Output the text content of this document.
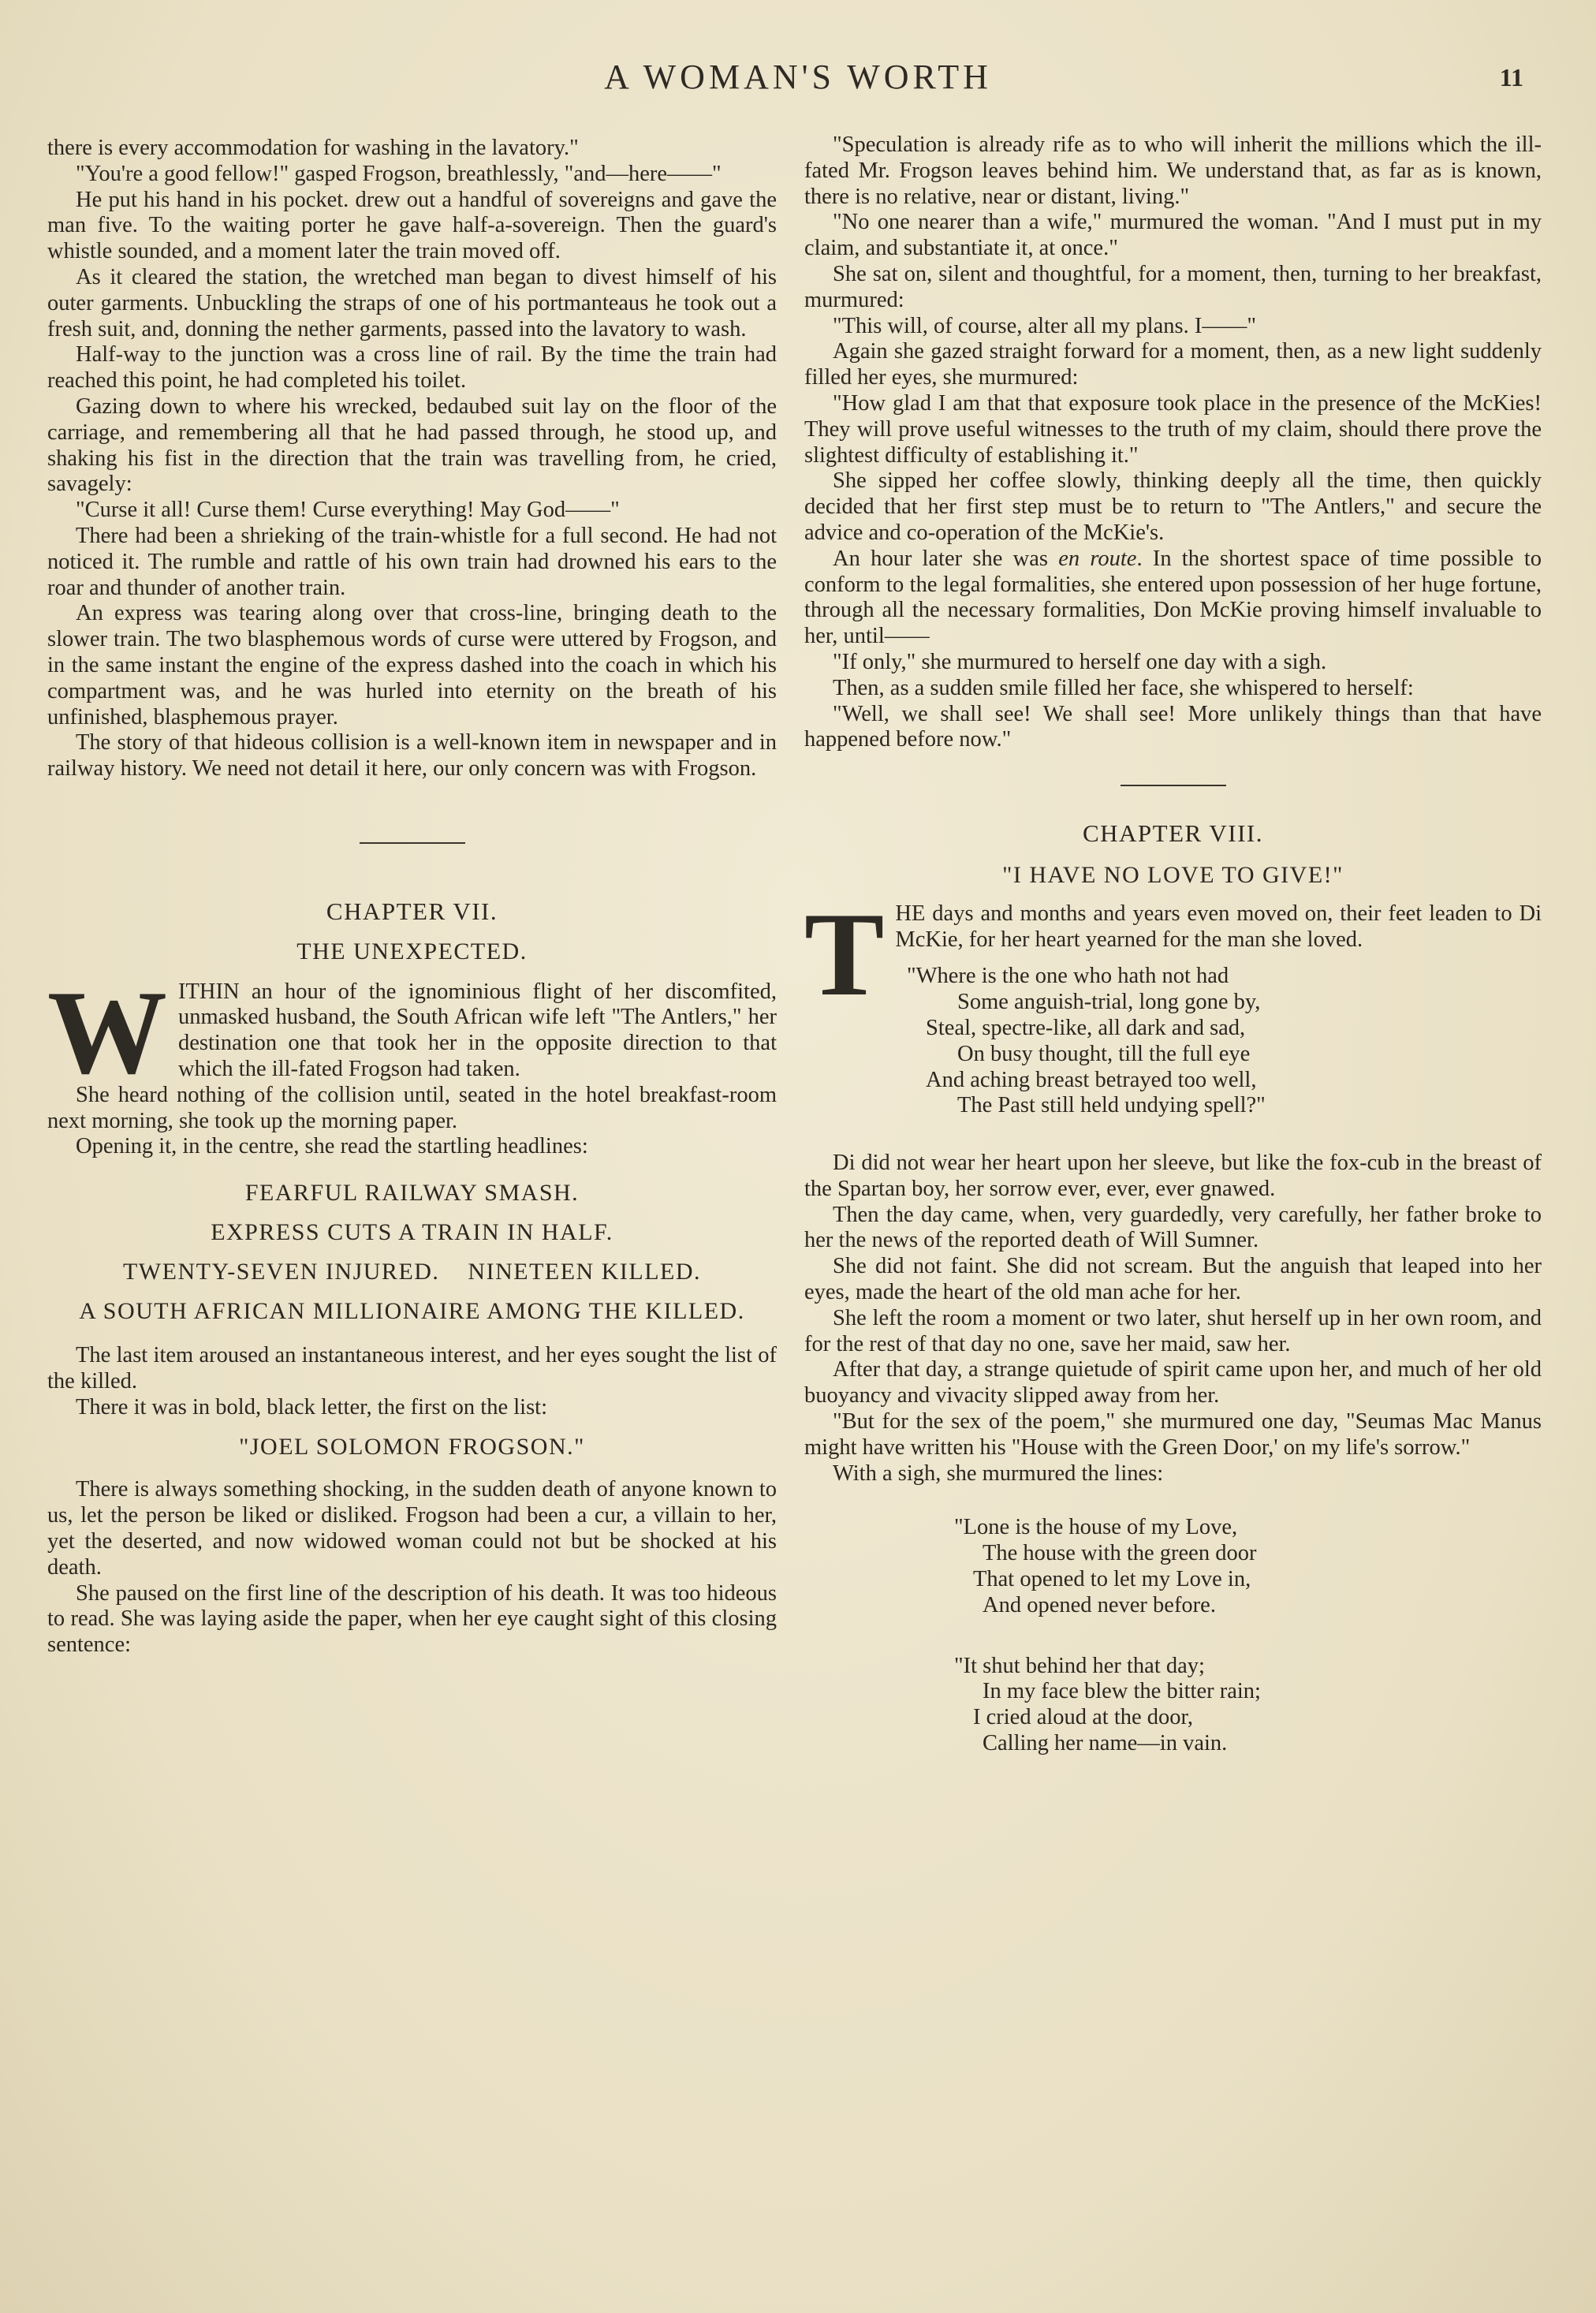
A WOMAN'S WORTH	11

there is every accommodation for washing in the lavatory."

"You're a good fellow!" gasped Frogson, breathlessly, "and—here——"

He put his hand in his pocket. drew out a handful of sovereigns and gave the man five. To the waiting porter he gave half-a-sovereign. Then the guard's whistle sounded, and a moment later the train moved off.

As it cleared the station, the wretched man began to divest himself of his outer garments. Unbuckling the straps of one of his portmanteaus he took out a fresh suit, and, donning the nether garments, passed into the lavatory to wash.

Half-way to the junction was a cross line of rail. By the time the train had reached this point, he had completed his toilet.

Gazing down to where his wrecked, bedaubed suit lay on the floor of the carriage, and remembering all that he had passed through, he stood up, and shaking his fist in the direction that the train was travelling from, he cried, savagely:

"Curse it all! Curse them! Curse everything! May God——"

There had been a shrieking of the train-whistle for a full second. He had not noticed it. The rumble and rattle of his own train had drowned his ears to the roar and thunder of another train.

An express was tearing along over that cross-line, bringing death to the slower train. The two blasphemous words of curse were uttered by Frogson, and in the same instant the engine of the express dashed into the coach in which his compartment was, and he was hurled into eternity on the breath of his unfinished, blasphemous prayer.

The story of that hideous collision is a well-known item in newspaper and in railway history. We need not detail it here, our only concern was with Frogson.

CHAPTER VII.
THE UNEXPECTED.
W ITHIN an hour of the ignominious flight of her discomfited, unmasked husband, the South African wife left "The Antlers," her destination one that took her in the opposite direction to that which the ill-fated Frogson had taken.

She heard nothing of the collision until, seated in the hotel breakfast-room next morning, she took up the morning paper.

Opening it, in the centre, she read the startling headlines:

FEARFUL RAILWAY SMASH.
EXPRESS CUTS A TRAIN IN HALF.
TWENTY-SEVEN INJURED.    NINETEEN KILLED.
A SOUTH AFRICAN MILLIONAIRE AMONG THE KILLED.

The last item aroused an instantaneous interest, and her eyes sought the list of the killed.

There it was in bold, black letter, the first on the list:

"JOEL SOLOMON FROGSON."

There is always something shocking, in the sudden death of anyone known to us, let the person be liked or disliked. Frogson had been a cur, a villain to her, yet the deserted, and now widowed woman could not but be shocked at his death.

She paused on the first line of the description of his death. It was too hideous to read. She was laying aside the paper, when her eye caught sight of this closing sentence:

"Speculation is already rife as to who will inherit the millions which the ill-fated Mr. Frogson leaves behind him. We understand that, as far as is known, there is no relative, near or distant, living."

"No one nearer than a wife," murmured the woman. "And I must put in my claim, and substantiate it, at once."

She sat on, silent and thoughtful, for a moment, then, turning to her breakfast, murmured:

"This will, of course, alter all my plans. I——"

Again she gazed straight forward for a moment, then, as a new light suddenly filled her eyes, she murmured:

"How glad I am that that exposure took place in the presence of the McKies! They will prove useful witnesses to the truth of my claim, should there prove the slightest difficulty of establishing it."

She sipped her coffee slowly, thinking deeply all the time, then quickly decided that her first step must be to return to "The Antlers," and secure the advice and co-operation of the McKie's.

An hour later she was en route. In the shortest space of time possible to conform to the legal formalities, she entered upon possession of her huge fortune, through all the necessary formalities, Don McKie proving himself invaluable to her, until——

"If only," she murmured to herself one day with a sigh.

Then, as a sudden smile filled her face, she whispered to herself:

"Well, we shall see! We shall see! More unlikely things than that have happened before now."

CHAPTER VIII.
"I HAVE NO LOVE TO GIVE!"
T HE days and months and years even moved on, their feet leaden to Di McKie, for her heart yearned for the man she loved.
"Where is the one who hath not had
Some anguish-trial, long gone by,
Steal, spectre-like, all dark and sad,
On busy thought, till the full eye
And aching breast betrayed too well,
The Past still held undying spell?"

Di did not wear her heart upon her sleeve, but like the fox-cub in the breast of the Spartan boy, her sorrow ever, ever, ever gnawed.

Then the day came, when, very guardedly, very carefully, her father broke to her the news of the reported death of Will Sumner.

She did not faint. She did not scream. But the anguish that leaped into her eyes, made the heart of the old man ache for her.

She left the room a moment or two later, shut herself up in her own room, and for the rest of that day no one, save her maid, saw her.

After that day, a strange quietude of spirit came upon her, and much of her old buoyancy and vivacity slipped away from her.

"But for the sex of the poem," she murmured one day, "Seumas Mac Manus might have written his "House with the Green Door,' on my life's sorrow."

With a sigh, she murmured the lines:

"Lone is the house of my Love,
The house with the green door
That opened to let my Love in,
And opened never before.
"It shut behind her that day;
In my face blew the bitter rain;
I cried aloud at the door,
Calling her name—in vain.
